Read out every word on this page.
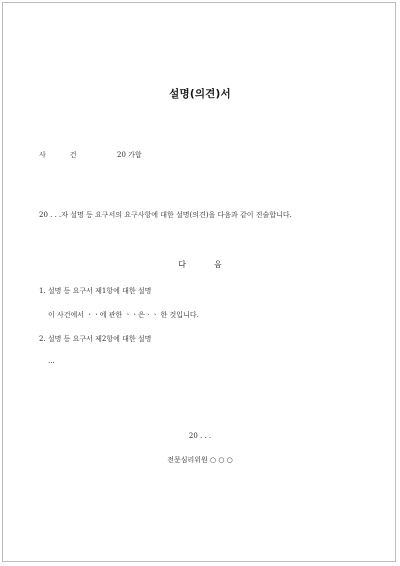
설명(의견)서
사건 20 가합
20 . . .자 설명 등 요구서의 요구사항에 대한 설명(의견)을 다음과 같이 진술합니다.
다음
1. 설명 등 요구서 제1항에 대한 설명
이 사건에서 ㆍㆍ에 관한 ㆍㆍ은ㆍㆍ 한 것입니다.
2. 설명 등 요구서 제2항에 대한 설명
...
20 . . .
전문심리위원 ○ ○ ○
